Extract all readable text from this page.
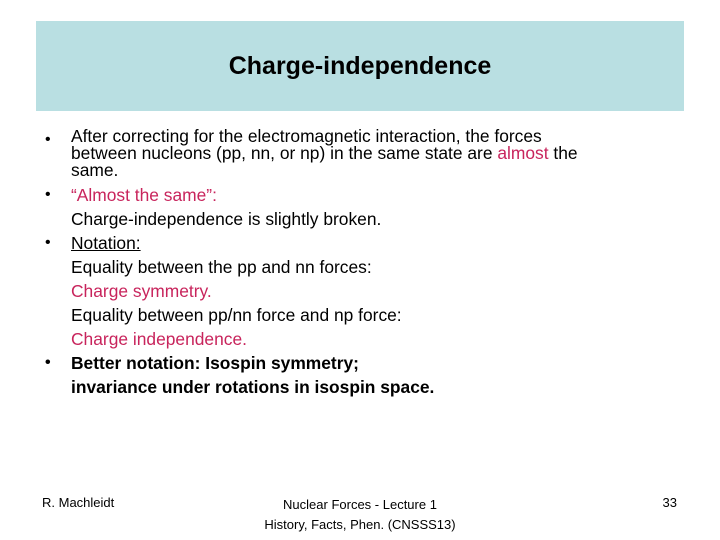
Charge-independence
•	After correcting for the electromagnetic interaction, the forces
between nucleons (pp, nn, or np) in the same state are almost the
same.
•	“Almost the same”:
Charge-independence is slightly broken.
•	Notation:
Equality between the pp and nn forces:
Charge symmetry.
Equality between pp/nn force and np force:
Charge independence.
•	Better notation: Isospin symmetry;
invariance under rotations in isospin space.
R. Machleidt	Nuclear Forces - Lecture 1
History, Facts, Phen. (CNSSS13)
33
